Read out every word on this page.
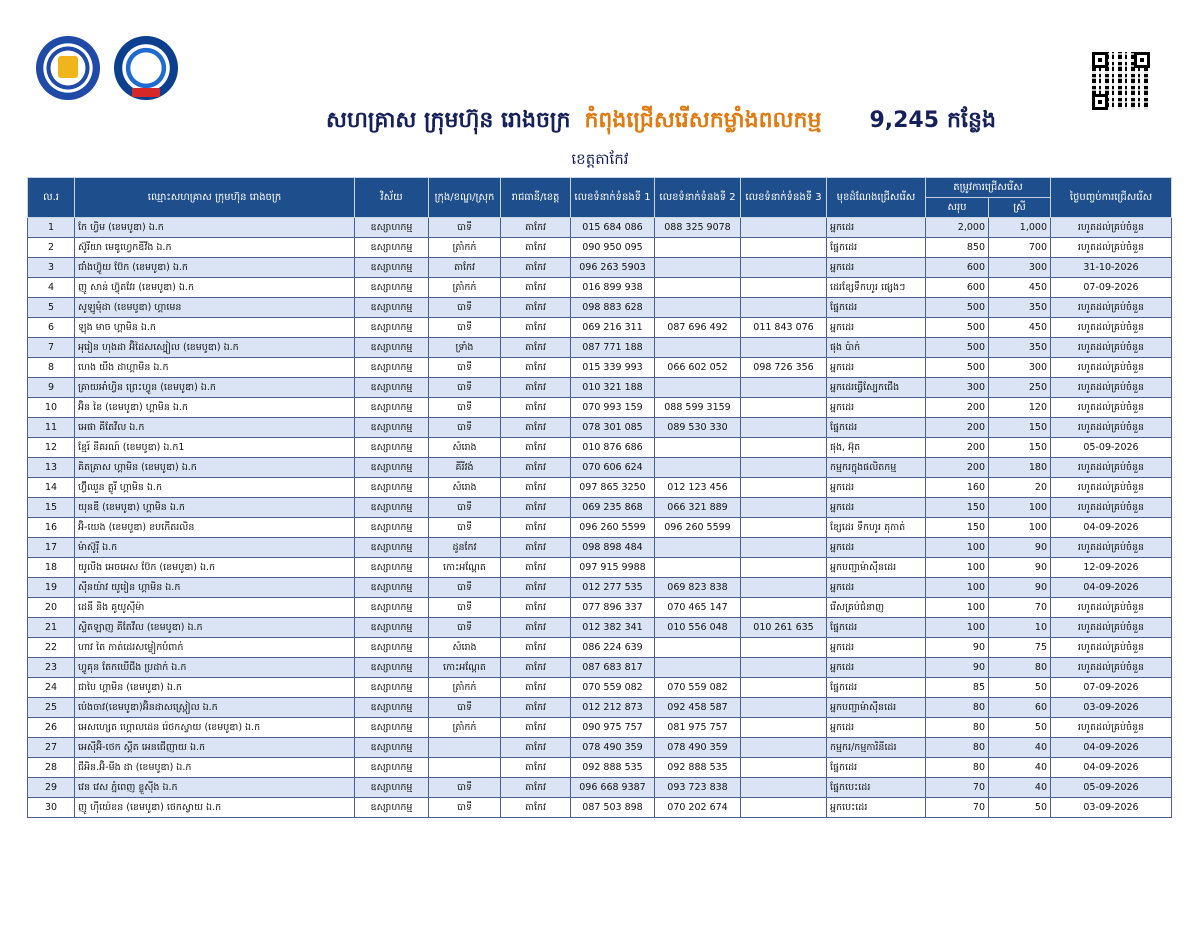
សហគ្រាស ក្រុមហ៊ុន រោងចក្រ កំពុងជ្រើសរើសកម្លាំងពលកម្ម 9,245 កន្លែង
ខេត្តតាកែវ
ល.រ	ឈ្មោះសហគ្រាស ក្រុមហ៊ុន រោងចក្រ	វិស័យ	ក្រុង/ខណ្ឌ/ស្រុក	រាជធានី/ខេត្ត	លេខទំនាក់ទំនងទី 1	លេខទំនាក់ទំនងទី 2	លេខទំនាក់ទំនងទី 3	មុខដំណែងជ្រើសរើស	តម្រូវការជ្រើសរើស		ថ្ងៃបញ្ចប់ការជ្រើសរើស
									សរុប	ស្រី	
1	កែ ហ្វិម (ខេមបូឌា) ឯ.ក	ឧស្សាហកម្ម	បាទី	តាកែវ	015 684 086	088 325 9078		អ្នកដេរ	2,000	1,000	រហូតដល់គ្រប់ចំនួន
2	ស៊ូរីយា មេឌូហ្វេកឌីវីង ឯ.ក	ឧស្សាហកម្ម	ត្រាំកក់	តាកែវ	090 950 095			ផ្នែកដេរ	850	700	រហូតដល់គ្រប់ចំនួន
3	ជាំងហ៊្វូយ ប៊ែក (ខេមបូឌា) ឯ.ក	ឧស្សាហកម្ម	តាកែវ	តាកែវ	096 263 5903			អ្នកដេរ	600	300	31-10-2026
4	ញូ សាន់ ហ៊្វុតវែរ (ខេមបូឌា) ឯ.ក	ឧស្សាហកម្ម	ត្រាំកក់	តាកែវ	016 899 938			ដេរខ្សែទឹកហូរ ផ្សេងៗ	600	450	07-09-2026
5	សូឡូមុំដា (ខេមបូឌា) ហ្គាមេន	ឧស្សាហកម្ម	បាទី	តាកែវ	098 883 628			ផ្នែកដេរ	500	350	រហូតដល់គ្រប់ចំនួន
6	ឡុង មាច ហ្គាមិន ឯ.ក	ឧស្សាហកម្ម	បាទី	តាកែវ	069 216 311	087 696 492	011 843 076	អ្នកដេរ	500	450	រហូតដល់គ្រប់ចំនួន
7	អុរៀន ហុងដា អ៊ិដៃសស្បៀល (ខេមបូឌា) ឯ.ក	ឧស្សាហកម្ម	ទ្រាំង	តាកែវ	087 771 188			ផុង ប៉ាក់	500	350	រហូតដល់គ្រប់ចំនួន
8	ហេង យីង ដាហ្គាមិន ឯ.ក	ឧស្សាហកម្ម	បាទី	តាកែវ	015 339 993	066 602 052	098 726 356	អ្នកដេរ	500	300	រហូតដល់គ្រប់ចំនួន
9	គ្រាយអាំហ្វិន ព្រេះហ្វូន (ខេមបូឌា) ឯ.ក	ឧស្សាហកម្ម	បាទី	តាកែវ	010 321 188			អ្នកដេរធ្វើស្បែកជើង	300	250	រហូតដល់គ្រប់ចំនួន
10	អ៊ិន ខៃ (ខេមបូឌា) ហ្គាមិន ឯ.ក	ឧស្សាហកម្ម	បាទី	តាកែវ	070 993 159	088 599 3159		អ្នកដេរ	200	120	រហូតដល់គ្រប់ចំនួន
11	អេផា គីតែវីល ឯ.ក	ឧស្សាហកម្ម	បាទី	តាកែវ	078 301 085	089 530 330		ផ្នែកដេរ	200	150	រហូតដល់គ្រប់ចំនួន
12	ខ្មែរ៍ នីគរណ៍ (ខេមបូឌា) ឯ.ក1	ឧស្សាហកម្ម	សំរោង	តាកែវ	010 876 686			ផុង, អ៊ុត	200	150	05-09-2026
13	គិតគ្រាស ហ្គាមិន (ខេមបូឌា) ឯ.ក	ឧស្សាហកម្ម	គីរីវង់	តាកែវ	070 606 624			កម្មករក្នុងផលិតកម្ម	200	180	រហូតដល់គ្រប់ចំនួន
14	ហ៊្វីឈួន គ្លូរី ហ្គាមិន ឯ.ក	ឧស្សាហកម្ម	សំរោង	តាកែវ	097 865 3250	012 123 456		អ្នកដេរ	160	20	រហូតដល់គ្រប់ចំនួន
15	យុនឌី (ខេមបូឌា) ហ្គាមិន ឯ.ក	ឧស្សាហកម្ម	បាទី	តាកែវ	069 235 868	066 321 889		អ្នកដេរ	150	100	រហូតដល់គ្រប់ចំនួន
16	អ៊ិ-យេង (ខេមបូឌា) ខបកើតរលិន	ឧស្សាហកម្ម	បាទី	តាកែវ	096 260 5599	096 260 5599		ខ្សែដេរ ទឹកហូរ តុកាត់	150	100	04-09-2026
17	ម៉ាស៊ូរ៉ី ឯ.ក	ឧស្សាហកម្ម	ដូនកែវ	តាកែវ	098 898 484			អ្នកដេរ	100	90	រហូតដល់គ្រប់ចំនួន
18	យូលីង អេចអេស ប៊ែក (ខេមបូឌា) ឯ.ក	ឧស្សាហកម្ម	កោះអណ្ដែត	តាកែវ	097 915 9988			អ្នកបញ្ជាម៉ាស៊ីនដេរ	100	90	12-09-2026
19	ស៊ីនយ៉ាវ យូរៀន ហ្គាមិន ឯ.ក	ឧស្សាហកម្ម	បាទី	តាកែវ	012 277 535	069 823 838		អ្នកដេរ	100	90	04-09-2026
20	ដេនី និង គូយូស៊ីម៉ា	ឧស្សាហកម្ម	បាទី	តាកែវ	077 896 337	070 465 147		រើសគ្រប់ជំនាញ	100	70	រហូតដល់គ្រប់ចំនួន
21	ស្ទិតឡាញ គីតែវីល (ខេមបូឌា) ឯ.ក	ឧស្សាហកម្ម	បាទី	តាកែវ	012 382 341	010 556 048	010 261 635	ផ្នែកដេរ	100	10	រហូតដល់គ្រប់ចំនួន
22	ហាវ តៃ កាត់ដេរសម្លៀកបំពាក់	ឧស្សាហកម្ម	សំរោង	តាកែវ	086 224 639			អ្នកដេរ	90	75	រហូតដល់គ្រប់ចំនួន
23	ហ្វូគុន តែកឃើជីង ប្រដាក់ ឯ.ក	ឧស្សាហកម្ម	កោះអណ្ដែត	តាកែវ	087 683 817			អ្នកដេរ	90	80	រហូតដល់គ្រប់ចំនួន
24	ជាបៃ ហ្គាមិន (ខេមបូឌា) ឯ.ក	ឧស្សាហកម្ម	ត្រាំកក់	តាកែវ	070 559 082	070 559 082		ផ្នែកដេរ	85	50	07-09-2026
25	ប៉េងចាវ(ខេមបូឌា)អ៊ិនដាសស្ត្រៀល ឯ.ក	ឧស្សាហកម្ម	បាទី	តាកែវ	012 212 873	092 458 587		អ្នកបញ្ជាម៉ាស៊ីនដេរ	80	60	03-09-2026
26	អេសហ្សេត ហ្គោលដេន រ៉េថកស្វាយ (ខេមបូឌា) ឯ.ក	ឧស្សាហកម្ម	ត្រាំកក់	តាកែវ	090 975 757	081 975 757		អ្នកដេរ	80	50	រហូតដល់គ្រប់ចំនួន
27	អេស៊ីអ៊ិ-ថេក ស្គីត អេនជើញាយ ឯ.ក	ឧស្សាហកម្ម		តាកែវ	078 490 359	078 490 359		កម្មករ/កម្មការិនីដេរ	80	40	04-09-2026
28	ជីអិន.អ៊ិ-មីង ដា (ខេមបូឌា) ឯ.ក	ឧស្សាហកម្ម		តាកែវ	092 888 535	092 888 535		ផ្នែកដេរ	80	40	04-09-2026
29	វេន វេស ភ្នំពេញ ខ្លួស៊ីង ឯ.ក	ឧស្សាហកម្ម	បាទី	តាកែវ	096 668 9387	093 723 838		ផ្នែកបេះដេរ	70	40	05-09-2026
30	ញូ ហ៊ីយ៉េខន (ខេមបូឌា) ថេកស្វាយ ឯ.ក	ឧស្សាហកម្ម	បាទី	តាកែវ	087 503 898	070 202 674		អ្នកបេះដេរ	70	50	03-09-2026
